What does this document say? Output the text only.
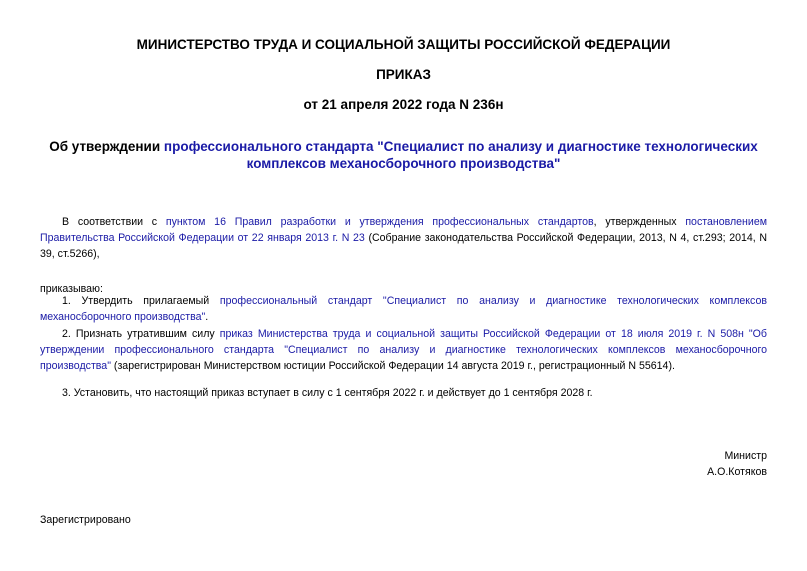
МИНИСТЕРСТВО ТРУДА И СОЦИАЛЬНОЙ ЗАЩИТЫ РОССИЙСКОЙ ФЕДЕРАЦИИ

ПРИКАЗ

от 21 апреля 2022 года N 236н

Об утверждении профессионального стандарта "Специалист по анализу и диагностике технологических комплексов механосборочного производства"

В соответствии с пунктом 16 Правил разработки и утверждения профессиональных стандартов, утвержденных постановлением Правительства Российской Федерации от 22 января 2013 г. N 23 (Собрание законодательства Российской Федерации, 2013, N 4, ст.293; 2014, N 39, ст.5266),

приказываю:

1. Утвердить прилагаемый профессиональный стандарт "Специалист по анализу и диагностике технологических комплексов механосборочного производства".

2. Признать утратившим силу приказ Министерства труда и социальной защиты Российской Федерации от 18 июля 2019 г. N 508н "Об утверждении профессионального стандарта "Специалист по анализу и диагностике технологических комплексов механосборочного производства" (зарегистрирован Министерством юстиции Российской Федерации 14 августа 2019 г., регистрационный N 55614).

3. Установить, что настоящий приказ вступает в силу с 1 сентября 2022 г. и действует до 1 сентября 2028 г.

Министр
А.О.Котяков
Зарегистрировано
